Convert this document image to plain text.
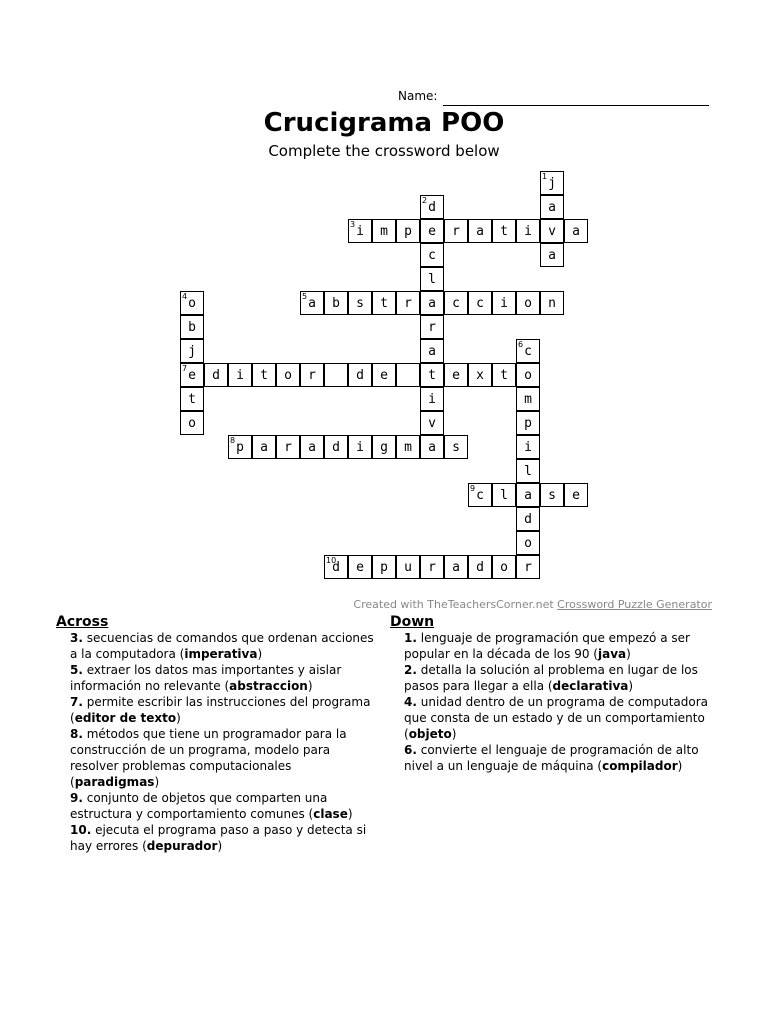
Name:
Crucigrama POO
Complete the crossword below
j
1
a
v
a
d
2
e
c
l
a
r
a
t
i
v
a
i
3 m p	r a t i	a
o
4
b
j
e
7
t
o
a
5 b s t r	c c i o n
c
6
o
m
p
i
l
a
d
o
r
d i t o r	d e	e x t
p
8 a r a d i g m	s
c
9 l	s e
d
10 e p u r a d o
Created with TheTeachersCorner.net Crossword Puzzle Generator
Across
3. secuencias de comandos que ordenan acciones a la computadora (imperativa)
5. extraer los datos mas importantes y aislar información no relevante (abstraccion)
7. permite escribir las instrucciones del programa (editor de texto)
8. métodos que tiene un programador para la construcción de un programa, modelo para resolver problemas computacionales (paradigmas)
9. conjunto de objetos que comparten una estructura y comportamiento comunes (clase)
10. ejecuta el programa paso a paso y detecta si hay errores (depurador)
Down
1. lenguaje de programación que empezó a ser popular en la década de los 90 (java)
2. detalla la solución al problema en lugar de los pasos para llegar a ella (declarativa)
4. unidad dentro de un programa de computadora que consta de un estado y de un comportamiento (objeto)
6. convierte el lenguaje de programación de alto nivel a un lenguaje de máquina (compilador)
